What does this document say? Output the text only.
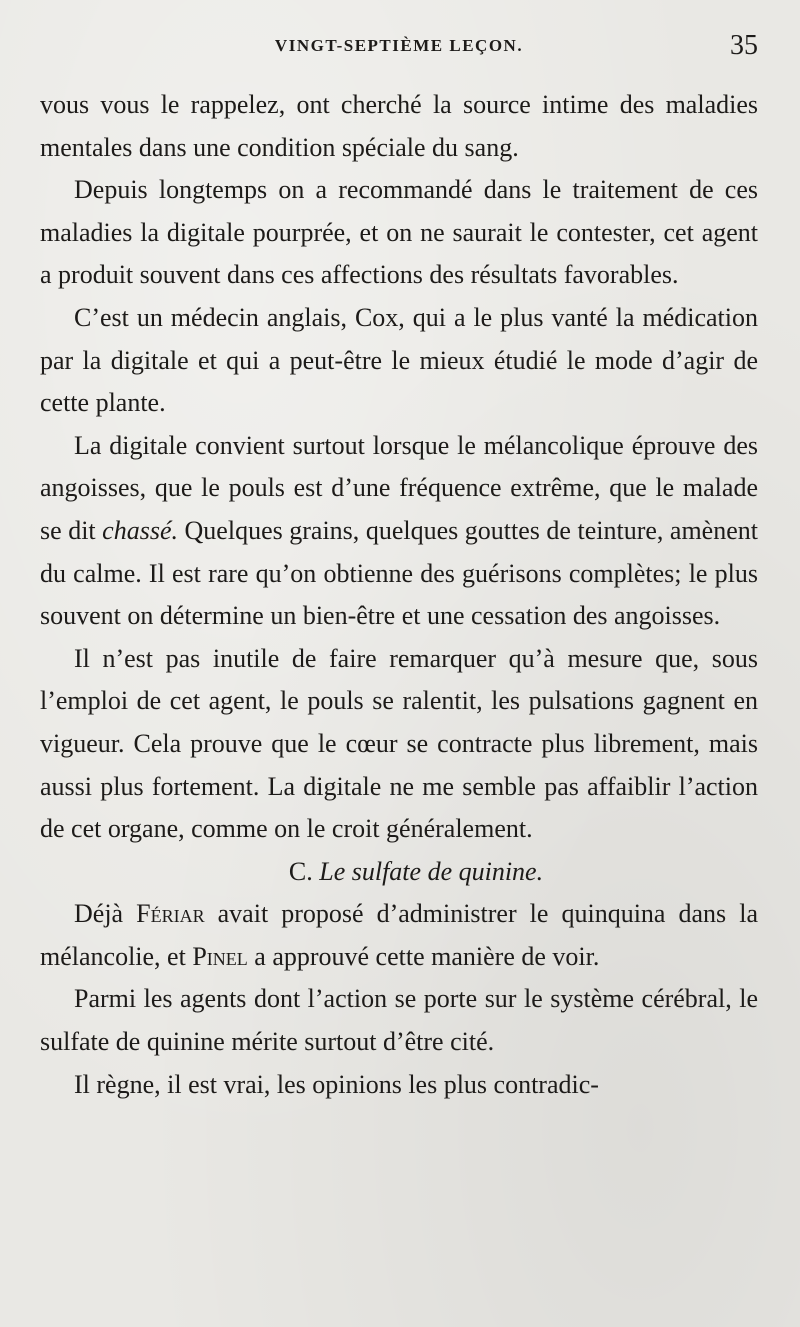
VINGT-SEPTIÈME LEÇON.	35

vous vous le rappelez, ont cherché la source intime des maladies mentales dans une condition spéciale du sang.

Depuis longtemps on a recommandé dans le traitement de ces maladies la digitale pourprée, et on ne saurait le contester, cet agent a produit souvent dans ces affections des résultats favorables.

C’est un médecin anglais, Cox, qui a le plus vanté la médication par la digitale et qui a peut-être le mieux étudié le mode d’agir de cette plante.

La digitale convient surtout lorsque le mélancolique éprouve des angoisses, que le pouls est d’une fréquence extrême, que le malade se dit chassé. Quelques grains, quelques gouttes de teinture, amènent du calme. Il est rare qu’on obtienne des guérisons complètes; le plus souvent on détermine un bien-être et une cessation des angoisses.

Il n’est pas inutile de faire remarquer qu’à mesure que, sous l’emploi de cet agent, le pouls se ralentit, les pulsations gagnent en vigueur. Cela prouve que le cœur se contracte plus librement, mais aussi plus fortement. La digitale ne me semble pas affaiblir l’action de cet organe, comme on le croit généralement.

C. Le sulfate de quinine.

Déjà Fériar avait proposé d’administrer le quinquina dans la mélancolie, et Pinel a approuvé cette manière de voir.

Parmi les agents dont l’action se porte sur le système cérébral, le sulfate de quinine mérite surtout d’être cité.

Il règne, il est vrai, les opinions les plus contradic-
